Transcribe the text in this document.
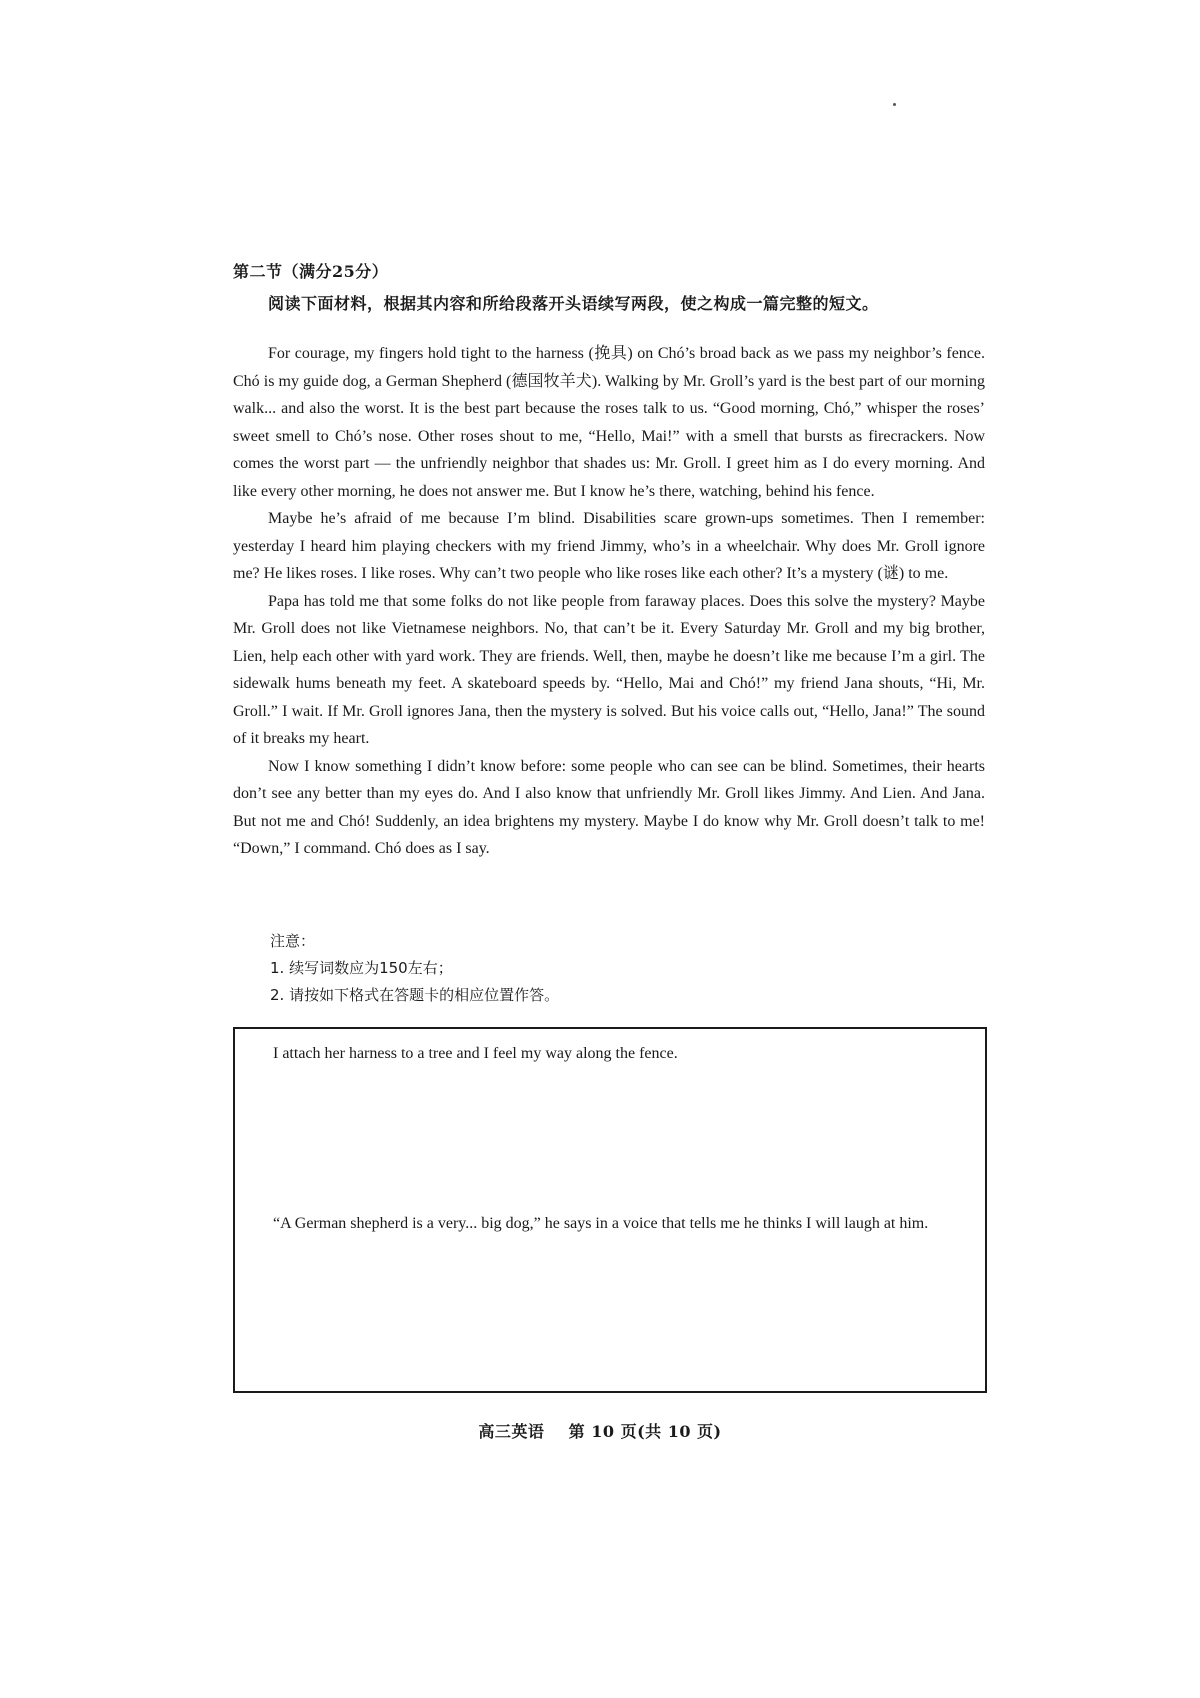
第二节（满分25分）
阅读下面材料，根据其内容和所给段落开头语续写两段，使之构成一篇完整的短文。

For courage, my fingers hold tight to the harness (挽具) on Chó’s broad back as we pass my neighbor’s fence. Chó is my guide dog, a German Shepherd (德国牧羊犬). Walking by Mr. Groll’s yard is the best part of our morning walk... and also the worst. It is the best part because the roses talk to us. “Good morning, Chó,” whisper the roses’ sweet smell to Chó’s nose. Other roses shout to me, “Hello, Mai!” with a smell that bursts as firecrackers. Now comes the worst part — the unfriendly neighbor that shades us: Mr. Groll. I greet him as I do every morning. And like every other morning, he does not answer me. But I know he’s there, watching, behind his fence.

Maybe he’s afraid of me because I’m blind. Disabilities scare grown-ups sometimes. Then I remember: yesterday I heard him playing checkers with my friend Jimmy, who’s in a wheelchair. Why does Mr. Groll ignore me? He likes roses. I like roses. Why can’t two people who like roses like each other? It’s a mystery (谜) to me.

Papa has told me that some folks do not like people from faraway places. Does this solve the mystery? Maybe Mr. Groll does not like Vietnamese neighbors. No, that can’t be it. Every Saturday Mr. Groll and my big brother, Lien, help each other with yard work. They are friends. Well, then, maybe he doesn’t like me because I’m a girl. The sidewalk hums beneath my feet. A skateboard speeds by. “Hello, Mai and Chó!” my friend Jana shouts, “Hi, Mr. Groll.” I wait. If Mr. Groll ignores Jana, then the mystery is solved. But his voice calls out, “Hello, Jana!” The sound of it breaks my heart.

Now I know something I didn’t know before: some people who can see can be blind. Sometimes, their hearts don’t see any better than my eyes do. And I also know that unfriendly Mr. Groll likes Jimmy. And Lien. And Jana. But not me and Chó! Suddenly, an idea brightens my mystery. Maybe I do know why Mr. Groll doesn’t talk to me! “Down,” I command. Chó does as I say.

注意：
1. 续写词数应为150左右；
2. 请按如下格式在答题卡的相应位置作答。
I attach her harness to a tree and I feel my way along the fence.
“A German shepherd is a very... big dog,” he says in a voice that tells me he thinks I will laugh at him.
高三英语 第 10 页(共 10 页)
